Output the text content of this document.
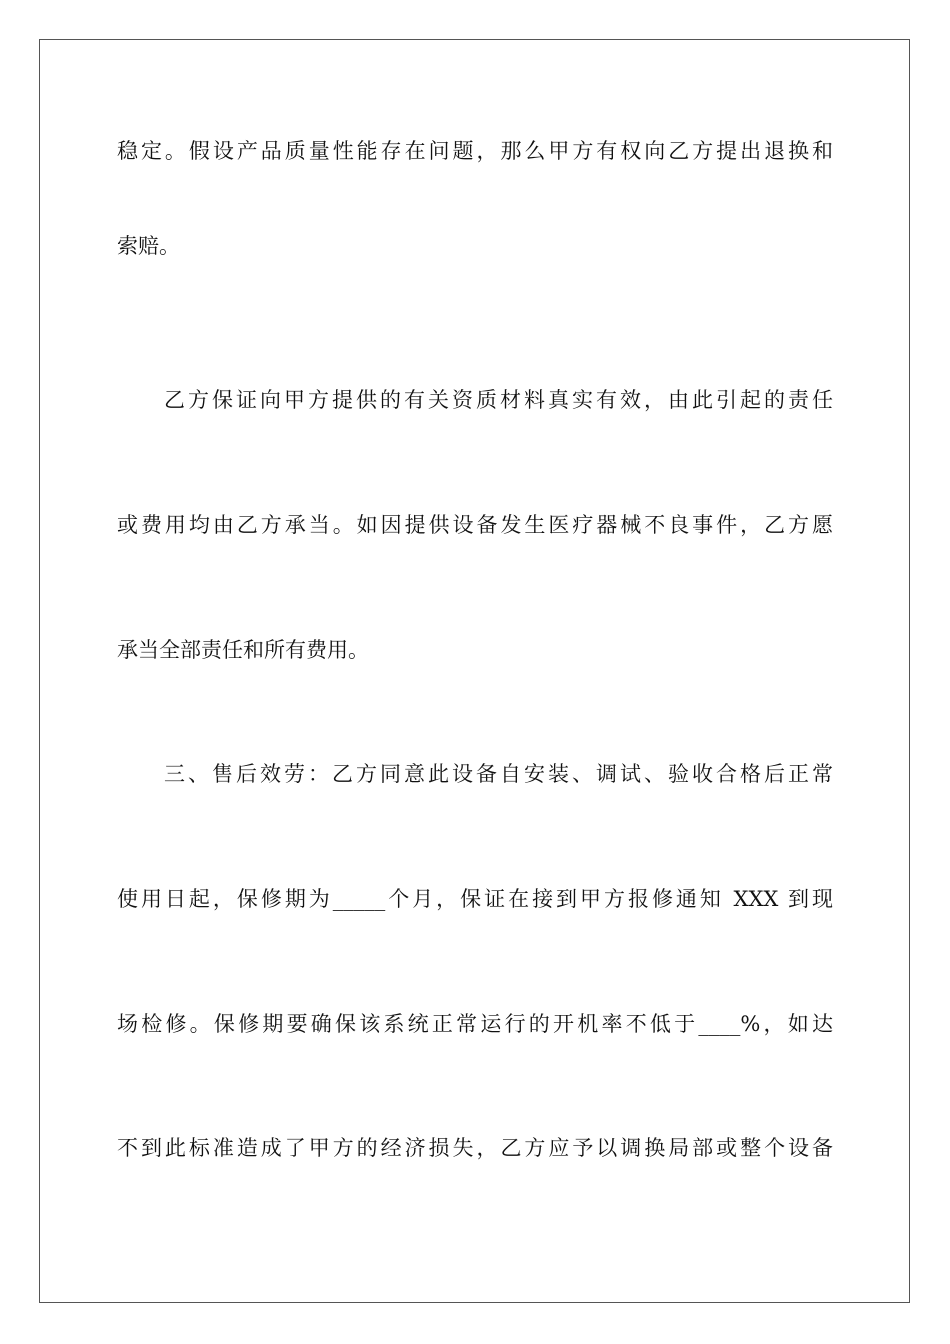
稳定。假设产品质量性能存在问题，那么甲方有权向乙方提出退换和
索赔。
乙方保证向甲方提供的有关资质材料真实有效，由此引起的责任
或费用均由乙方承当。如因提供设备发生医疗器械不良事件，乙方愿
承当全部责任和所有费用。
三、售后效劳：乙方同意此设备自安装、调试、验收合格后正常
使用日起，保修期为_____个月，保证在接到甲方报修通知 XXX 到现
场检修。保修期要确保该系统正常运行的开机率不低于____%，如达
不到此标准造成了甲方的经济损失，乙方应予以调换局部或整个设备
